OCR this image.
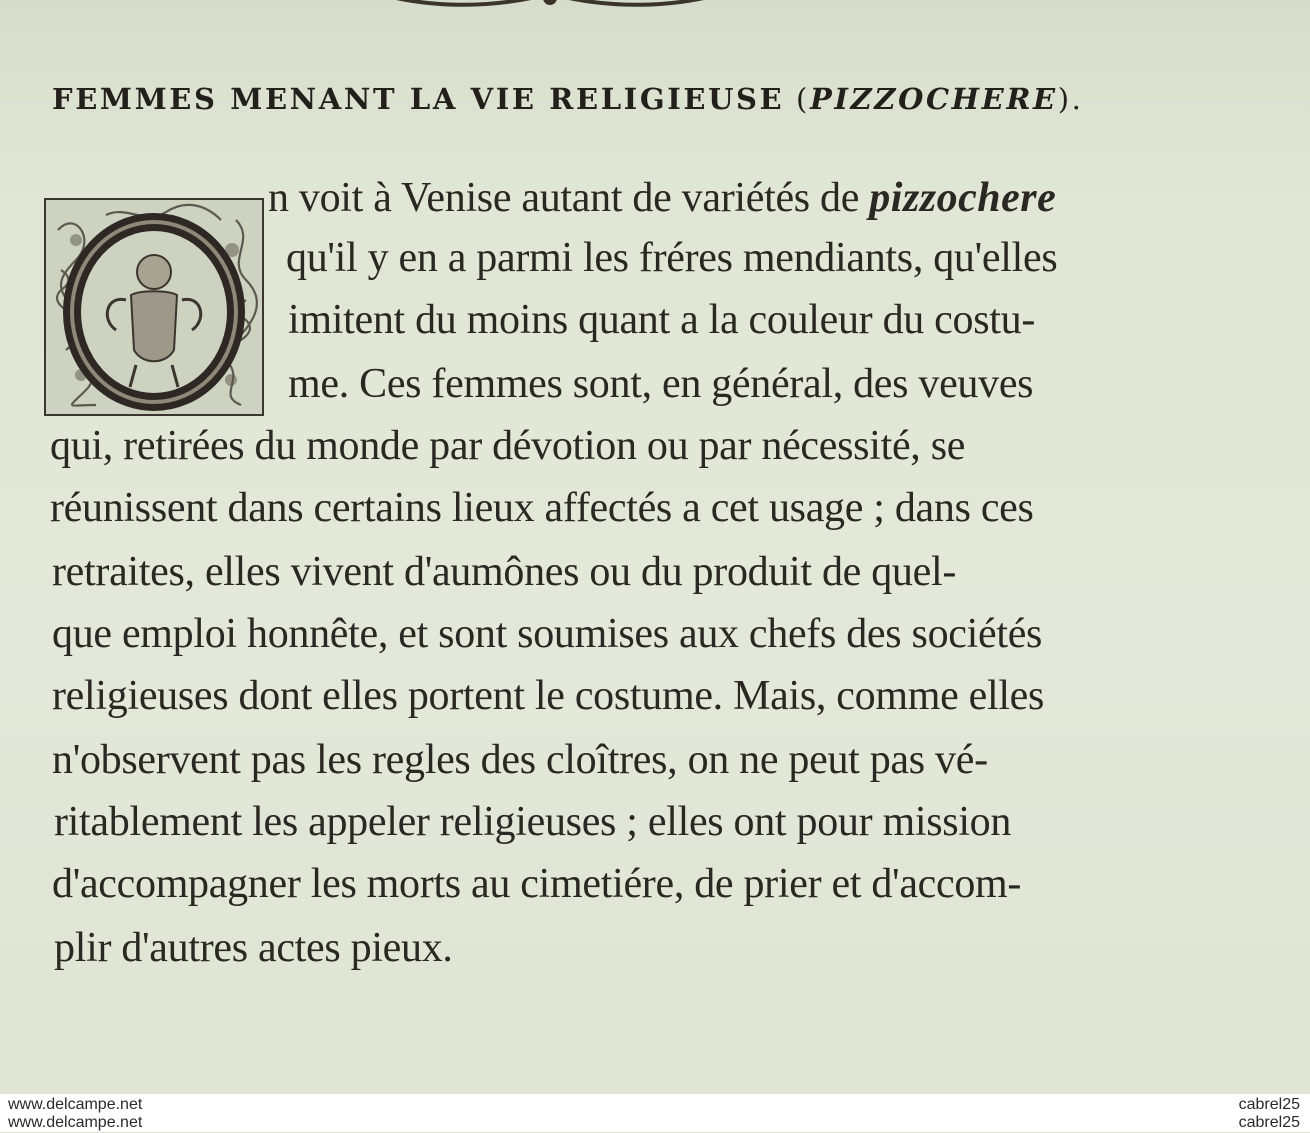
FEMMES MENANT LA VIE RELIGIEUSE (PIZZOCHERE).
n voit à Venise autant de variétés de pizzochere
qu'il y en a parmi les fréres mendiants, qu'elles
imitent du moins quant a la couleur du costu-
me. Ces femmes sont, en général, des veuves
qui, retirées du monde par dévotion ou par nécessité, se
réunissent dans certains lieux affectés a cet usage ; dans ces
retraites, elles vivent d'aumônes ou du produit de quel-
que emploi honnête, et sont soumises aux chefs des sociétés
religieuses dont elles portent le costume. Mais, comme elles
n'observent pas les regles des cloîtres, on ne peut pas vé-
ritablement les appeler religieuses ; elles ont pour mission
d'accompagner les morts au cimetiére, de prier et d'accom-
plir d'autres actes pieux.
www.delcampe.net
www.delcampe.net
cabrel25
cabrel25
